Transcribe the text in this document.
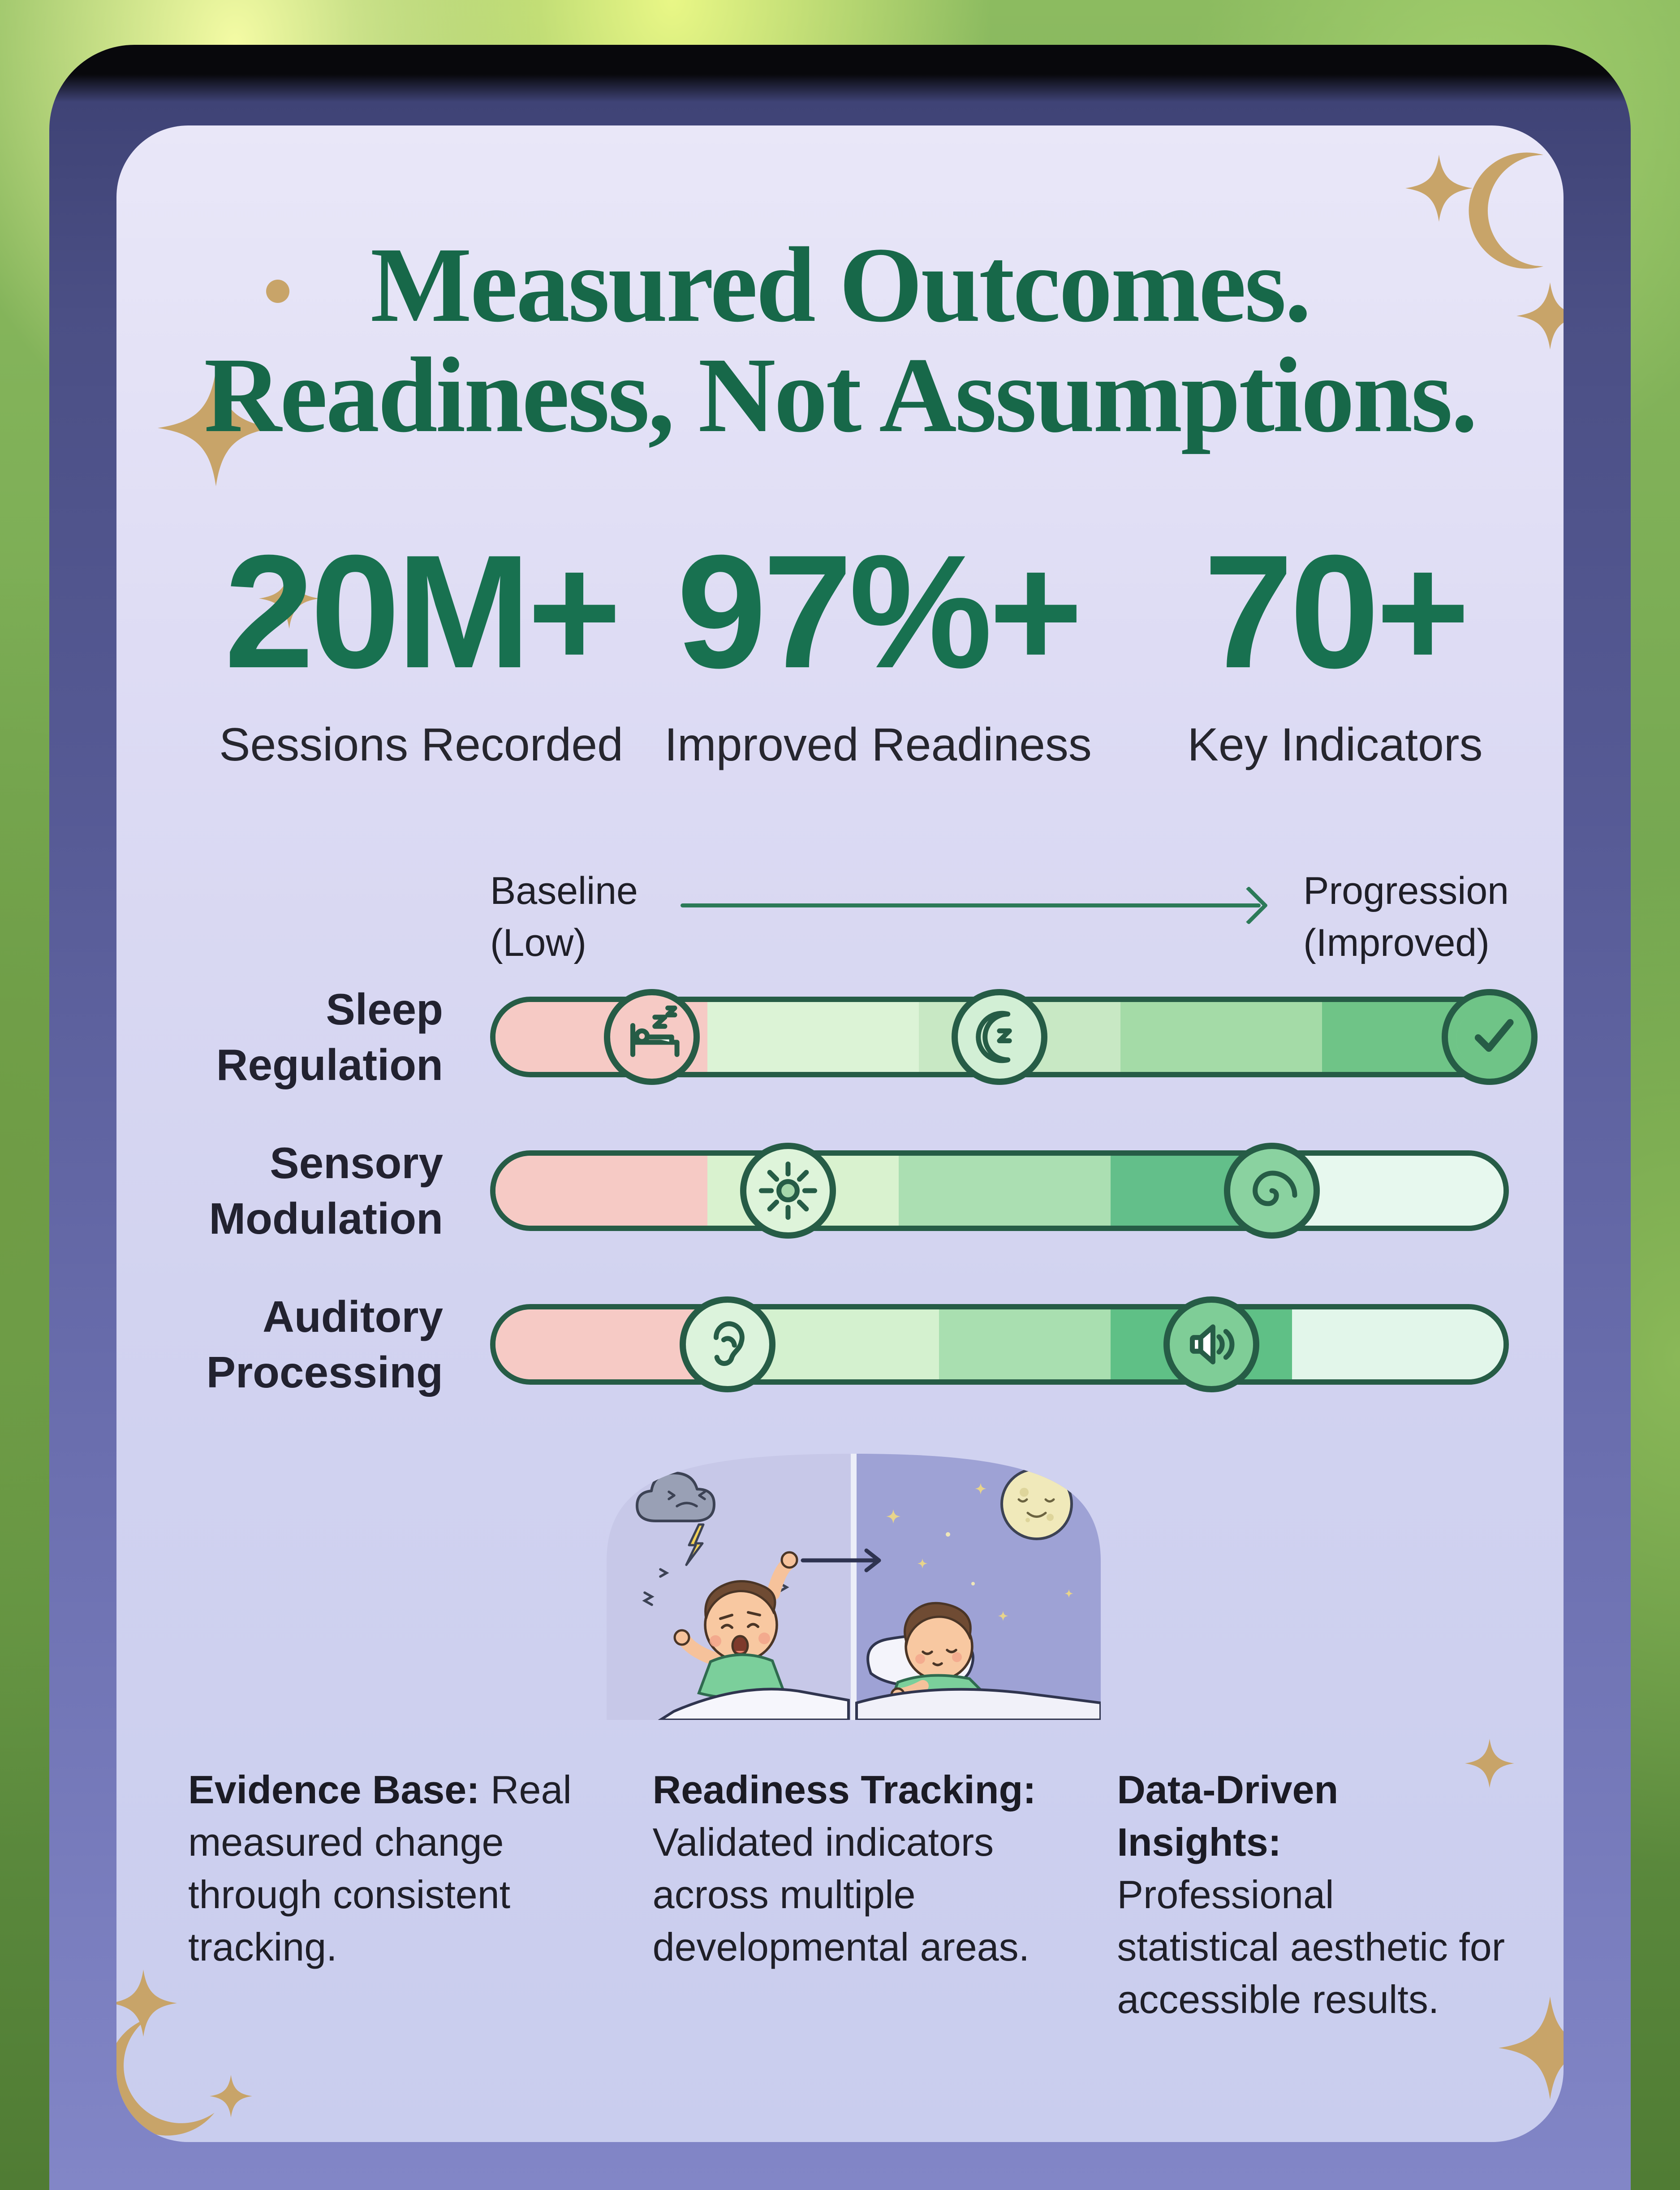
Measured Outcomes.
Readiness, Not Assumptions.
20M+
Sessions Recorded
97%+
Improved Readiness
70+
Key Indicators
Baseline
(Low)
Progression
(Improved)
Sleep
Regulation
Sensory
Modulation
Auditory
Processing
Evidence Base: Real measured change through consistent tracking.
Readiness Tracking: Validated indicators across multiple developmental areas.
Data-Driven Insights: Professional statistical aesthetic for accessible results.
